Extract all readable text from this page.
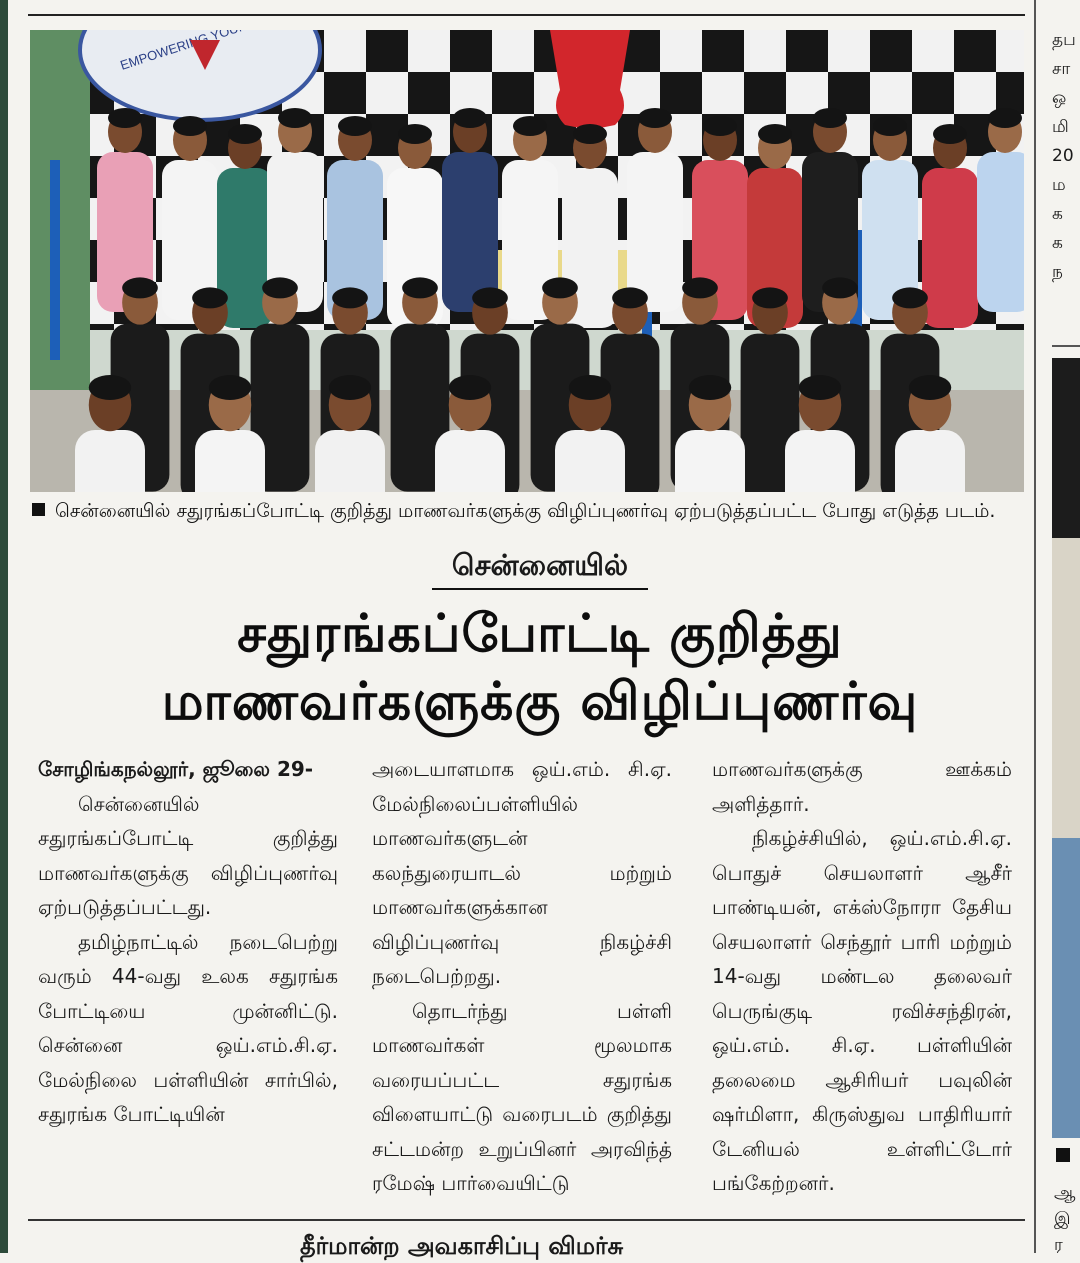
சென்னையில் சதுரங்கப்போட்டி குறித்து மாணவர்களுக்கு விழிப்புணர்வு ஏற்படுத்தப்பட்ட போது எடுத்த படம்.
சென்னையில்
சதுரங்கப்போட்டி குறித்து
மாணவர்களுக்கு விழிப்புணர்வு

சோழிங்கநல்லூர், ஜூலை 29-

சென்னையில் சதுரங்கப்போட்டி குறித்து மாணவர்களுக்கு விழிப்புணர்வு ஏற்படுத்தப்பட்டது.

தமிழ்நாட்டில் நடைபெற்று வரும் 44-வது உலக சதுரங்க போட்டியை முன்னிட்டு. சென்னை ஒய்.எம்.சி.ஏ. மேல்நிலை பள்ளியின் சார்பில், சதுரங்க போட்டியின்

அடையாளமாக ஒய்.எம். சி.ஏ. மேல்நிலைப்பள்ளியில் மாணவர்களுடன் கலந்துரையாடல் மற்றும் மாணவர்களுக்கான விழிப்புணர்வு நிகழ்ச்சி நடைபெற்றது.

தொடர்ந்து பள்ளி மாணவர்கள் மூலமாக வரையப்பட்ட சதுரங்க விளையாட்டு வரைபடம் குறித்து சட்டமன்ற உறுப்பினர் அரவிந்த் ரமேஷ் பார்வையிட்டு

மாணவர்களுக்கு ஊக்கம் அளித்தார்.

நிகழ்ச்சியில், ஒய்.எம்.சி.ஏ. பொதுச் செயலாளர் ஆசீர் பாண்டியன், எக்ஸ்நோரா தேசிய செயலாளர் செந்தூர் பாரி மற்றும் 14-வது மண்டல தலைவர் பெருங்குடி ரவிச்சந்திரன், ஒய்.எம். சி.ஏ. பள்ளியின் தலைமை ஆசிரியர் பவுலின் ஷர்மிளா, கிருஸ்துவ பாதிரியார் டேனியல் உள்ளிட்டோர் பங்கேற்றனர்.

தீர்மான்ற அவகாசிப்பு விமர்சு
தப
சா
ஒ
மி
20
ம
க
க
ந
ஆ
இ
ர
